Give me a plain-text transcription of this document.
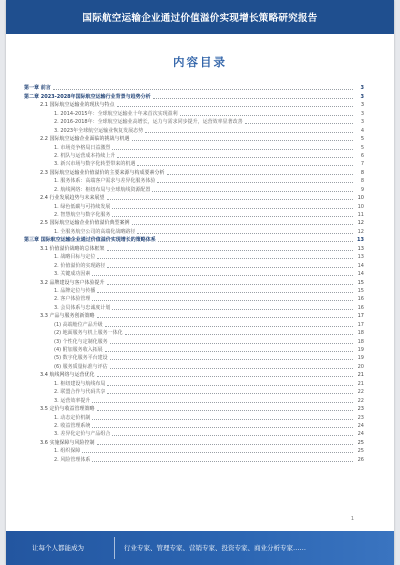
国际航空运输企业通过价值溢价实现增长策略研究报告
内容目录
第一章 前言	3
第二章 2023-2028年国际航空运输行业背景与趋势分析	3
2.1 国际航空运输业的现状与特点	3
1. 2014-2015年：全球航空运输业十年来首次实现盈利	3
2. 2016-2018年：全球航空运输业高增长，运力与需求同步提升，运营效率显著改善	3
3. 2023年全球航空运输业恢复发展态势	4
2.2 国际航空运输企业面临的挑战与机遇	5
1. 市场竞争格局日益激烈	5
2. 机队与运营成本持续上升	6
3. 新兴市场与数字化转型带来的机遇	7
2.3 国际航空运输业价值溢价的主要来源与构成要素分析	8
1. 服务体系：高端客户需求与差异化服务体验	8
2. 航线网络：枢纽布局与全球航线资源配置	9
2.4 行业发展趋势与未来展望	10
1. 绿色低碳与可持续发展	10
2. 智慧航空与数字化服务	11
2.5 国际航空运输企业价值溢价典型案例	12
1. 全服务航空公司的高端化战略路径	12
第三章 国际航空运输企业通过价值溢价实现增长的策略体系	13
3.1 价值溢价战略的总体框架	13
1. 战略目标与定位	13
2. 价值溢价的实现路径	14
3. 关键成功因素	14
3.2 品牌建设与客户体验提升	15
1. 品牌定位与传播	15
2. 客户体验管理	16
3. 会员体系与忠诚度计划	16
3.3 产品与服务创新策略	17
(1) 高端舱位产品升级	17
(2) 地面服务与机上服务一体化	18
(3) 个性化与定制化服务	18
(4) 附加服务收入拓展	19
(5) 数字化服务平台建设	19
(6) 服务质量标准与评估	20
3.4 航线网络与运营优化	21
1. 枢纽建设与航线布局	21
2. 联盟合作与代码共享	22
3. 运营效率提升	22
3.5 定价与收益管理策略	23
1. 动态定价机制	23
2. 收益管理系统	24
3. 差异化定价与产品组合	24
3.6 实施保障与风险控制	25
1. 组织保障	25
2. 风险管理体系	26
1
让每个人都能成为	行业专家、管理专家、营销专家、投资专家、商业分析专家……
